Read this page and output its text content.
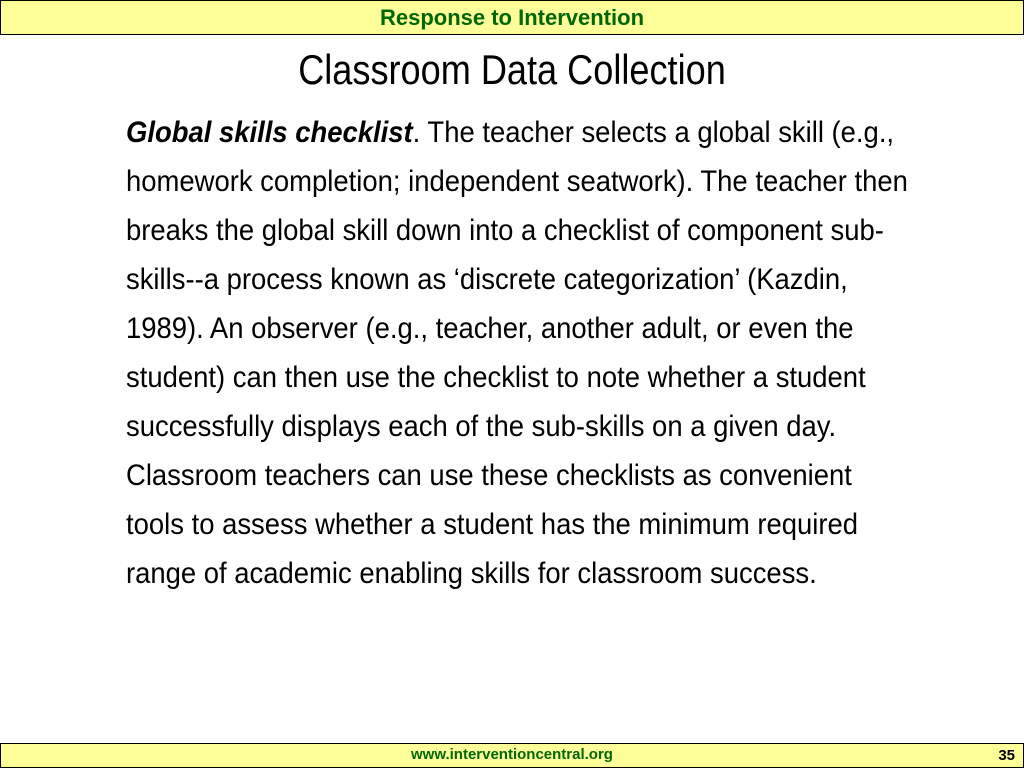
Response to Intervention
Classroom Data Collection

Global skills checklist. The teacher selects a global skill (e.g., homework completion; independent seatwork). The teacher then breaks the global skill down into a checklist of component sub-skills--a process known as ‘discrete categorization’ (Kazdin, 1989). An observer (e.g., teacher, another adult, or even the student) can then use the checklist to note whether a student successfully displays each of the sub-skills on a given day. Classroom teachers can use these checklists as convenient tools to assess whether a student has the minimum required range of academic enabling skills for classroom success.

www.interventioncentral.org	35
